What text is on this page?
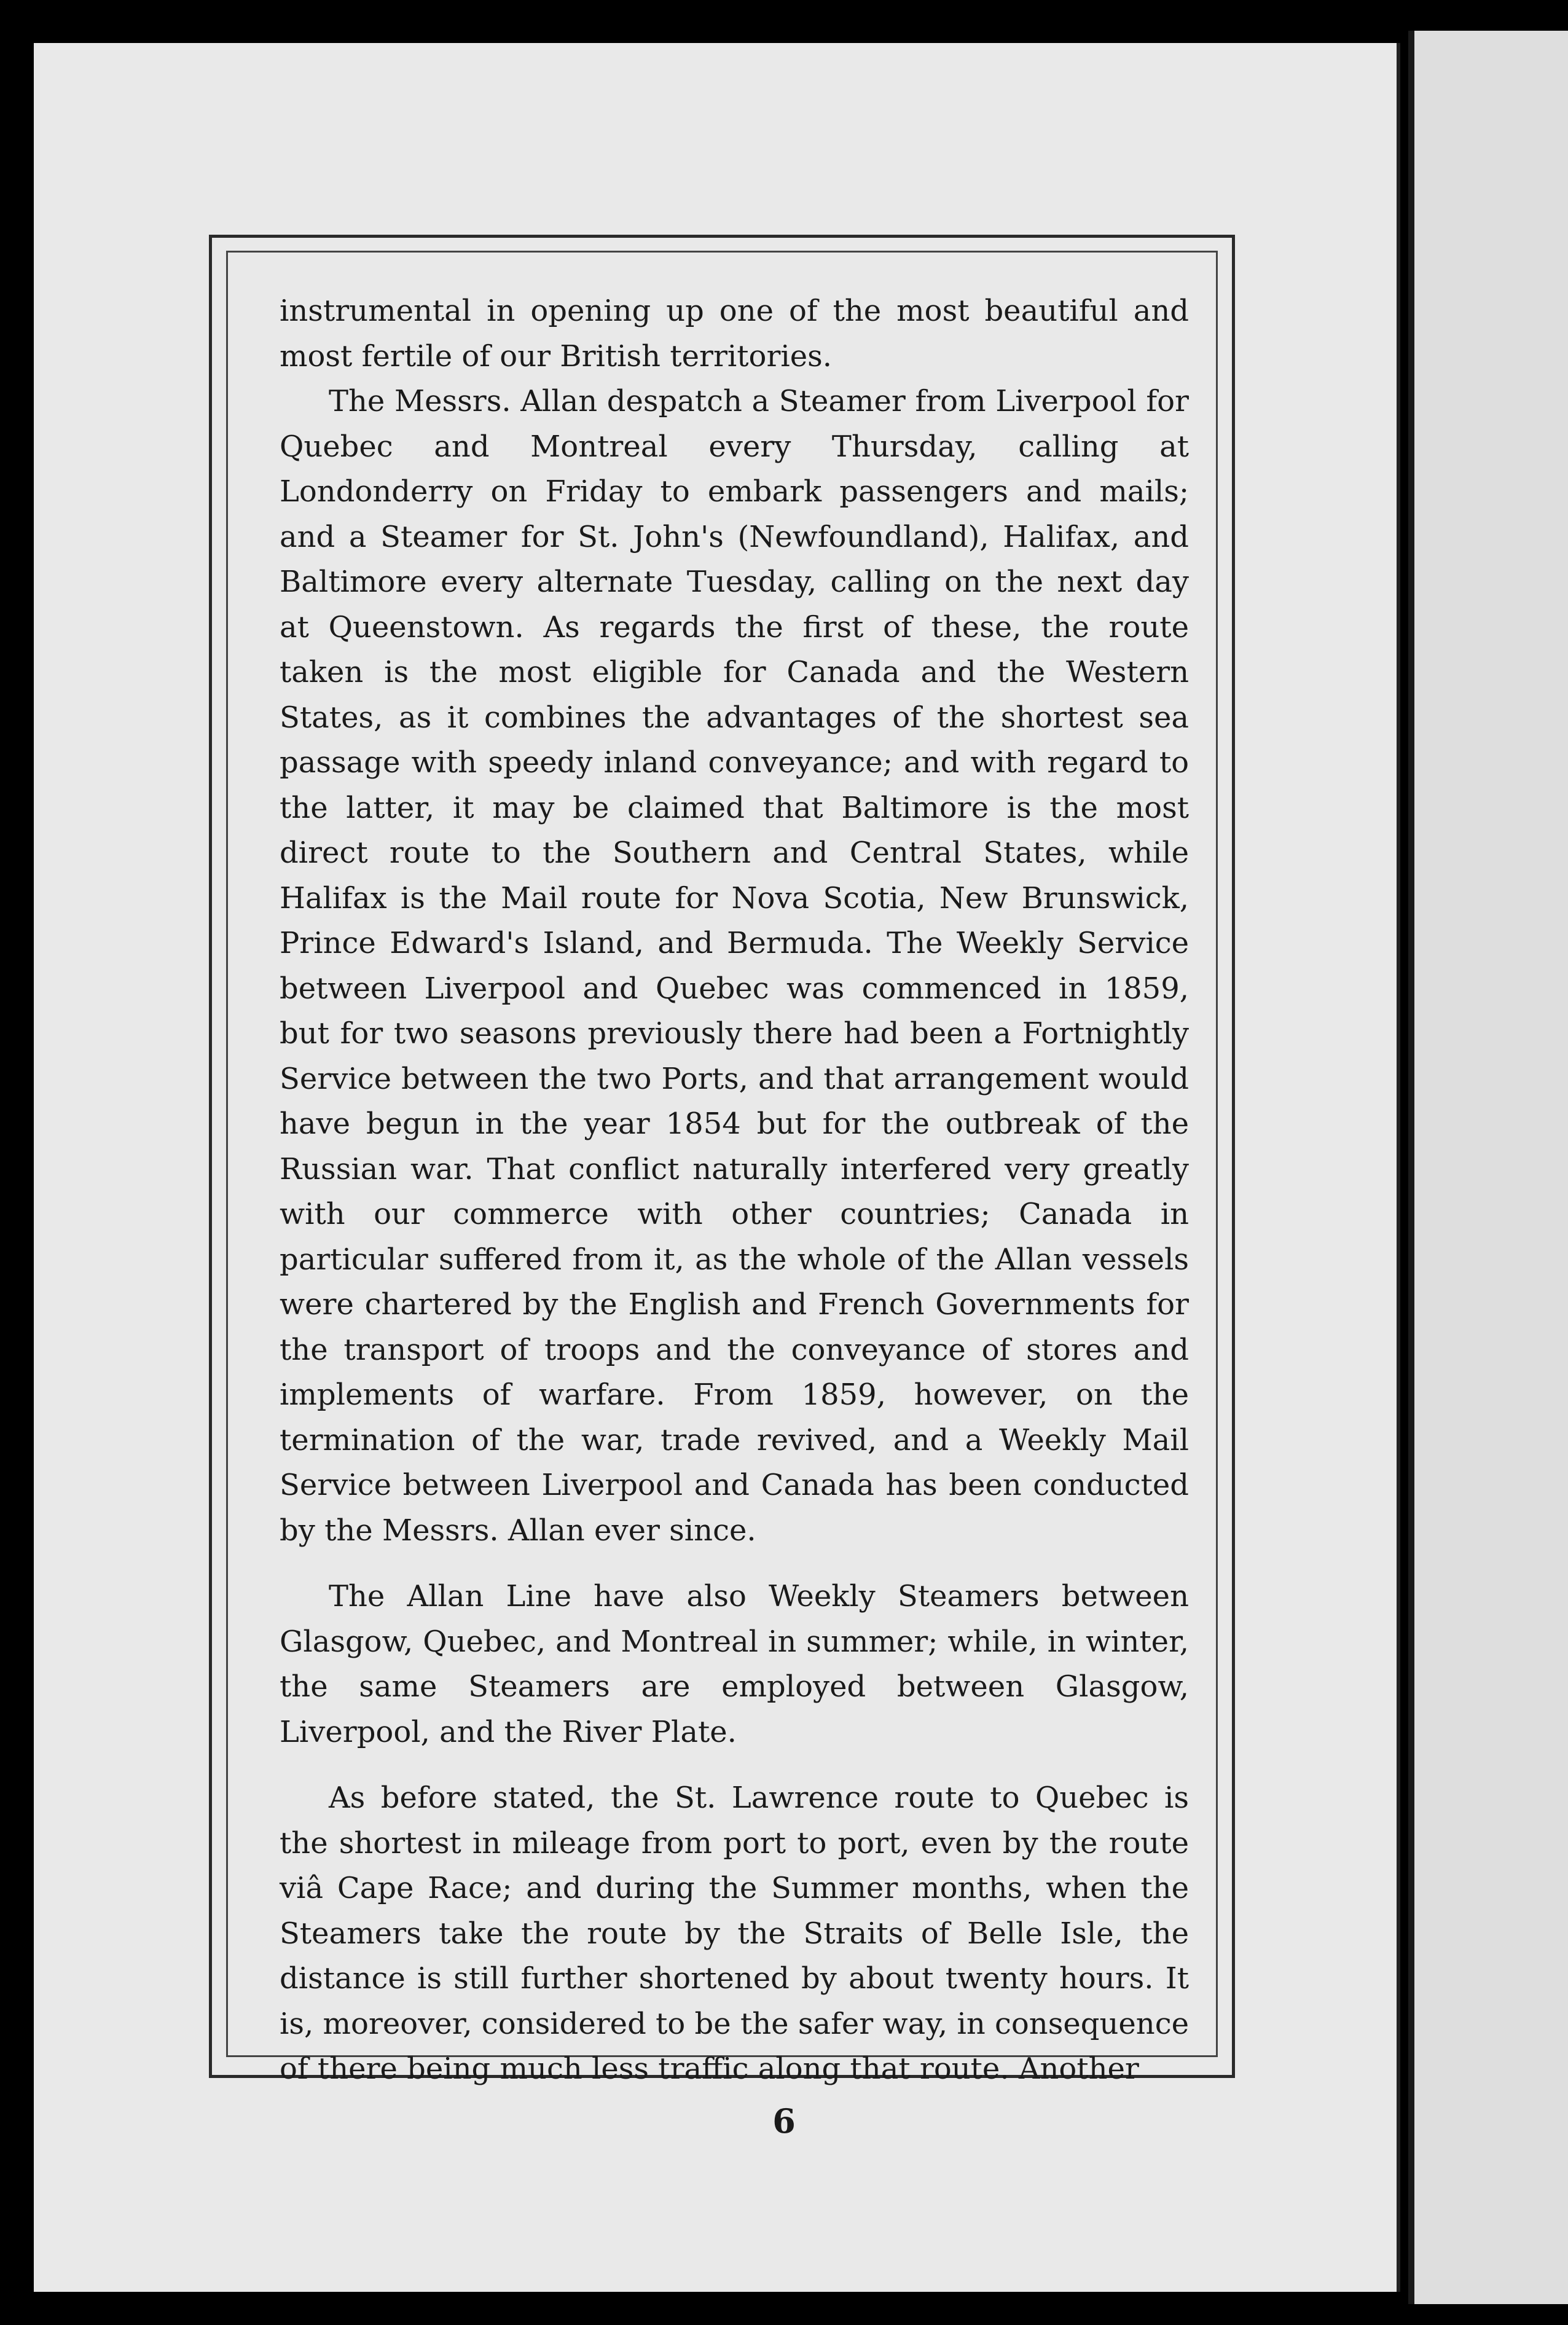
instrumental in opening up one of the most beautiful and most fertile of our British territories.

The Messrs. Allan despatch a Steamer from Liverpool for Quebec and Montreal every Thursday, calling at Londonderry on Friday to embark passengers and mails; and a Steamer for St. John's (Newfoundland), Halifax, and Baltimore every alternate Tuesday, calling on the next day at Queenstown. As regards the first of these, the route taken is the most eligible for Canada and the Western States, as it combines the advantages of the shortest sea passage with speedy inland conveyance; and with regard to the latter, it may be claimed that Baltimore is the most direct route to the Southern and Central States, while Halifax is the Mail route for Nova Scotia, New Brunswick, Prince Edward's Island, and Bermuda. The Weekly Service between Liverpool and Quebec was commenced in 1859, but for two seasons previously there had been a Fortnightly Service between the two Ports, and that arrangement would have begun in the year 1854 but for the outbreak of the Russian war. That conflict naturally interfered very greatly with our commerce with other countries; Canada in particular suffered from it, as the whole of the Allan vessels were chartered by the English and French Governments for the transport of troops and the conveyance of stores and implements of warfare. From 1859, however, on the termination of the war, trade revived, and a Weekly Mail Service between Liverpool and Canada has been conducted by the Messrs. Allan ever since.

The Allan Line have also Weekly Steamers between Glasgow, Quebec, and Montreal in summer; while, in winter, the same Steamers are employed between Glasgow, Liverpool, and the River Plate.

As before stated, the St. Lawrence route to Quebec is the shortest in mileage from port to port, even by the route viâ Cape Race; and during the Summer months, when the Steamers take the route by the Straits of Belle Isle, the distance is still further shortened by about twenty hours. It is, moreover, considered to be the safer way, in consequence of there being much less traffic along that route. Another

6
